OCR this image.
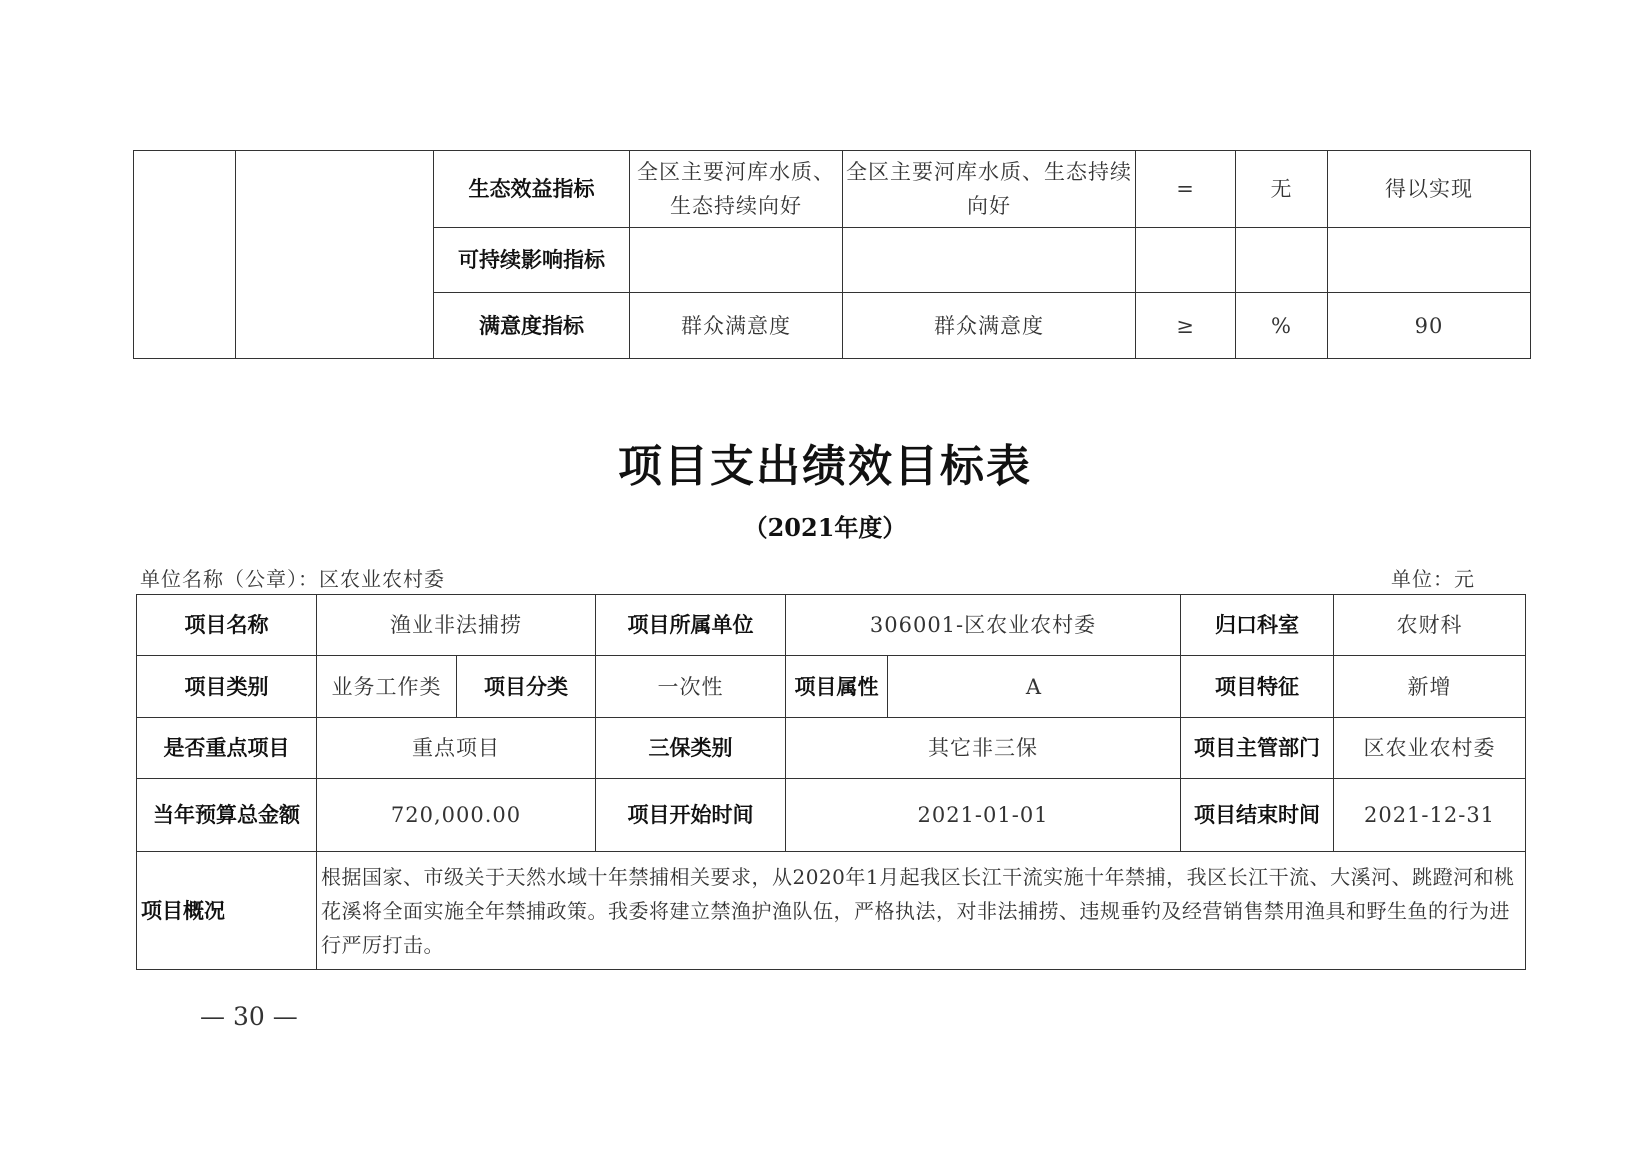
		生态效益指标	全区主要河库水质、生态持续向好	全区主要河库水质、生态持续向好	=	无	得以实现
		可持续影响指标					
		满意度指标	群众满意度	群众满意度	≥	%	90
项目支出绩效目标表
（2021年度）
单位名称（公章）：区农业农村委	单位：元
项目名称	渔业非法捕捞		项目所属单位	306001-区农业农村委		归口科室	农财科
项目类别	业务工作类	项目分类	一次性	项目属性	A	项目特征	新增
是否重点项目	重点项目		三保类别	其它非三保		项目主管部门	区农业农村委
当年预算总金额	720,000.00		项目开始时间	2021-01-01		项目结束时间	2021-12-31
项目概况	根据国家、市级关于天然水域十年禁捕相关要求，从2020年1月起我区长江干流实施十年禁捕，我区长江干流、大溪河、跳蹬河和桃花溪将全面实施全年禁捕政策。我委将建立禁渔护渔队伍，严格执法，对非法捕捞、违规垂钓及经营销售禁用渔具和野生鱼的行为进行严厉打击。						
— 30 —
